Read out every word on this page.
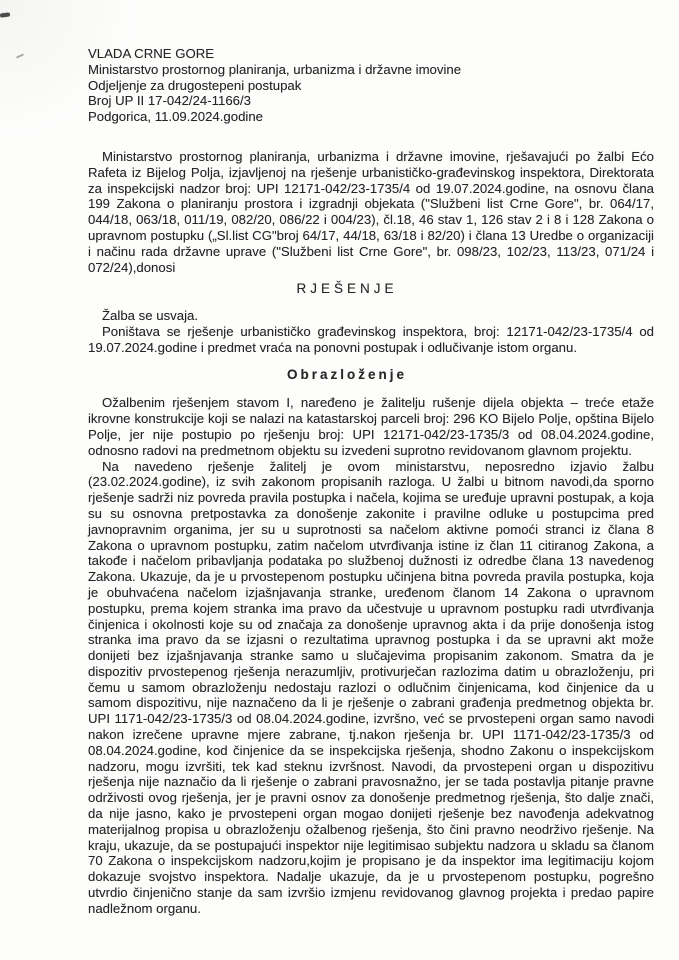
VLADA CRNE GORE
Ministarstvo prostornog planiranja, urbanizma i državne imovine
Odjeljenje za drugostepeni postupak
Broj UP II 17-042/24-1166/3
Podgorica, 11.09.2024.godine

Ministarstvo prostornog planiranja, urbanizma i državne imovine, rješavajući po žalbi Ećo Rafeta iz Bijelog Polja, izjavljenoj na rješenje urbanističko-građevinskog inspektora, Direktorata za inspekcijski nadzor broj: UPI 12171-042/23-1735/4 od 19.07.2024.godine, na osnovu člana 199 Zakona o planiranju prostora i izgradnji objekata ("Službeni list Crne Gore", br. 064/17, 044/18, 063/18, 011/19, 082/20, 086/22 i 004/23), čl.18, 46 stav 1, 126 stav 2 i 8 i 128 Zakona o upravnom postupku („Sl.list CG"broj 64/17, 44/18, 63/18 i 82/20) i člana 13 Uredbe o organizaciji i načinu rada državne uprave ("Službeni list Crne Gore", br. 098/23, 102/23, 113/23, 071/24 i 072/24),donosi

RJEŠENJE

Žalba se usvaja.

Poništava se rješenje urbanističko građevinskog inspektora, broj: 12171-042/23-1735/4 od 19.07.2024.godine i predmet vraća na ponovni postupak i odlučivanje istom organu.

Obrazloženje

Ožalbenim rješenjem stavom I, naređeno je žalitelju rušenje dijela objekta – treće etaže ikrovne konstrukcije koji se nalazi na katastarskoj parceli broj: 296 KO Bijelo Polje, opština Bijelo Polje, jer nije postupio po rješenju broj: UPI 12171-042/23-1735/3 od 08.04.2024.godine, odnosno radovi na predmetnom objektu su izvedeni suprotno revidovanom glavnom projektu.

Na navedeno rješenje žalitelj je ovom ministarstvu, neposredno izjavio žalbu (23.02.2024.godine), iz svih zakonom propisanih razloga. U žalbi u bitnom navodi,da sporno rješenje sadrži niz povreda pravila postupka i načela, kojima se uređuje upravni postupak, a koja su su osnovna pretpostavka za donošenje zakonite i pravilne odluke u postupcima pred javnopravnim organima, jer su u suprotnosti sa načelom aktivne pomoći stranci iz člana 8 Zakona o upravnom postupku, zatim načelom utvrđivanja istine iz član 11 citiranog Zakona, a takođe i načelom pribavljanja podataka po službenoj dužnosti iz odredbe člana 13 navedenog Zakona. Ukazuje, da je u prvostepenom postupku učinjena bitna povreda pravila postupka, koja je obuhvaćena načelom izjašnjavanja stranke, uređenom članom 14 Zakona o upravnom postupku, prema kojem stranka ima pravo da učestvuje u upravnom postupku radi utvrđivanja činjenica i okolnosti koje su od značaja za donošenje upravnog akta i da prije donošenja istog stranka ima pravo da se izjasni o rezultatima upravnog postupka i da se upravni akt može donijeti bez izjašnjavanja stranke samo u slučajevima propisanim zakonom. Smatra da je dispozitiv prvostepenog rješenja nerazumljiv, protivurječan razlozima datim u obrazloženju, pri čemu u samom obrazloženju nedostaju razlozi o odlučnim činjenicama, kod činjenice da u samom dispozitivu, nije naznačeno da li je rješenje o zabrani građenja predmetnog objekta br. UPI 1171-042/23-1735/3 od 08.04.2024.godine, izvršno, već se prvostepeni organ samo navodi nakon izrečene upravne mjere zabrane, tj.nakon rješenja br. UPI 1171-042/23-1735/3 od 08.04.2024.godine, kod činjenice da se inspekcijska rješenja, shodno Zakonu o inspekcijskom nadzoru, mogu izvršiti, tek kad steknu izvršnost. Navodi, da prvostepeni organ u dispozitivu rješenja nije naznačio da li rješenje o zabrani pravosnažno, jer se tada postavlja pitanje pravne održivosti ovog rješenja, jer je pravni osnov za donošenje predmetnog rješenja, što dalje znači, da nije jasno, kako je prvostepeni organ mogao donijeti rješenje bez navođenja adekvatnog materijalnog propisa u obrazloženju ožalbenog rješenja, što čini pravno neodrživo rješenje. Na kraju, ukazuje, da se postupajući inspektor nije legitimisao subjektu nadzora u skladu sa članom 70 Zakona o inspekcijskom nadzoru,kojim je propisano je da inspektor ima legitimaciju kojom dokazuje svojstvo inspektora. Nadalje ukazuje, da je u prvostepenom postupku, pogrešno utvrdio činjenično stanje da sam izvršio izmjenu revidovanog glavnog projekta i predao papire nadležnom organu.
